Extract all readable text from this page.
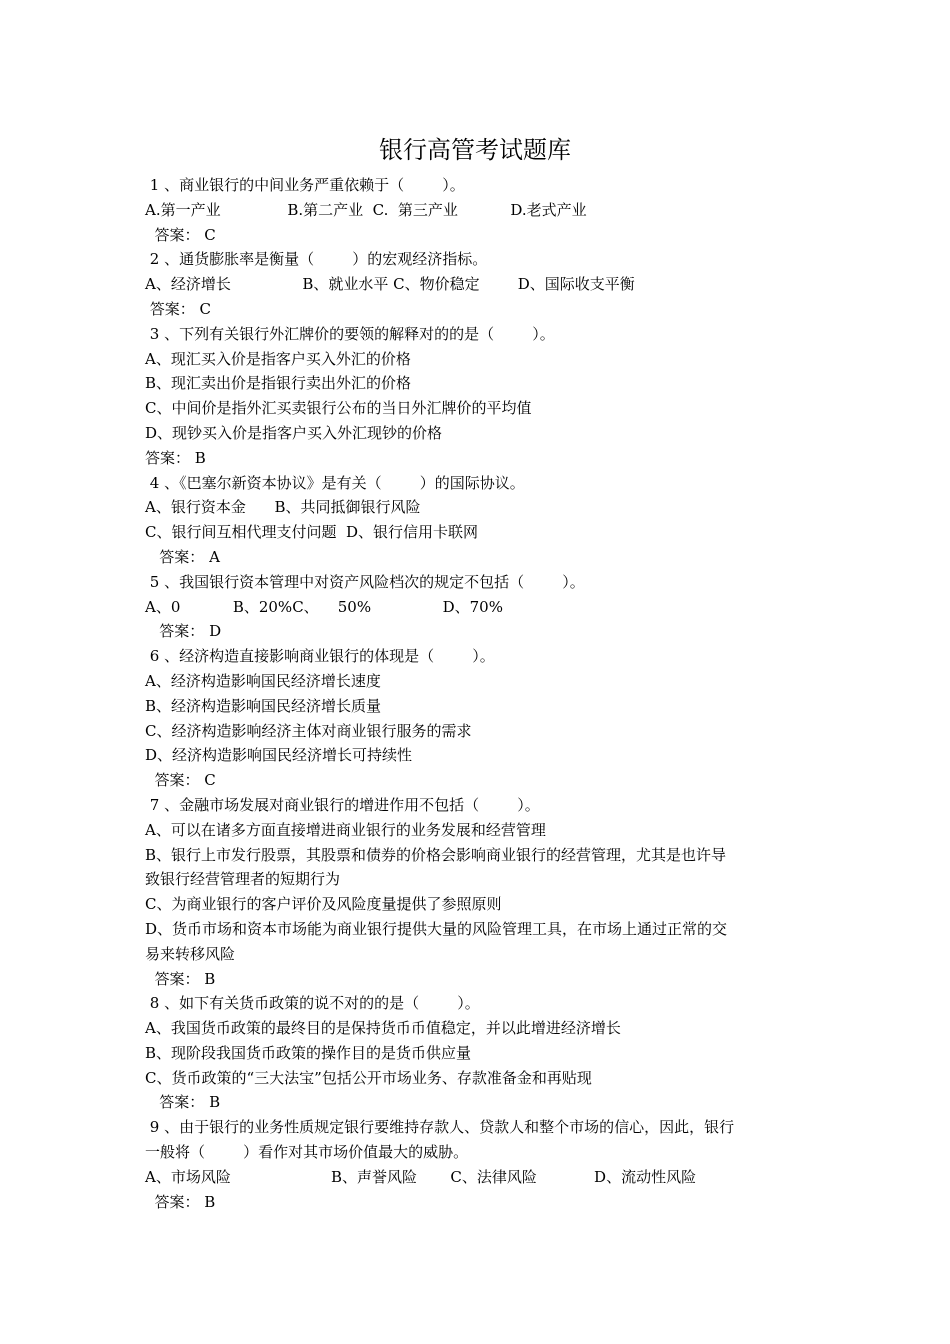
银行高管考试题库
1 、商业银行的中间业务严重依赖于（        ）。
A.第一产业              B.第二产业  C.  第三产业           D.老式产业
答案： C
2 、通货膨胀率是衡量（        ）的宏观经济指标。
A、经济增长               B、就业水平 C、物价稳定        D、国际收支平衡
答案： C
3 、下列有关银行外汇牌价的要领的解释对的的是（        ）。
A、现汇买入价是指客户买入外汇的价格
B、现汇卖出价是指银行卖出外汇的价格
C、中间价是指外汇买卖银行公布的当日外汇牌价的平均值
D、现钞买入价是指客户买入外汇现钞的价格
答案： B
4 、《巴塞尔新资本协议》是有关（        ）的国际协议。
A、银行资本金      B、共同抵御银行风险
C、银行间互相代理支付问题  D、银行信用卡联网
答案： A
5 、我国银行资本管理中对资产风险档次的规定不包括（        ）。
A、0           B、20%C、    50%               D、70%
答案： D
6 、经济构造直接影响商业银行的体现是（        ）。
A、经济构造影响国民经济增长速度
B、经济构造影响国民经济增长质量
C、经济构造影响经济主体对商业银行服务的需求
D、经济构造影响国民经济增长可持续性
答案： C
7 、金融市场发展对商业银行的增进作用不包括（        ）。
A、可以在诸多方面直接增进商业银行的业务发展和经营管理
B、银行上市发行股票，其股票和债券的价格会影响商业银行的经营管理，尤其是也许导
致银行经营管理者的短期行为
C、为商业银行的客户评价及风险度量提供了参照原则
D、货币市场和资本市场能为商业银行提供大量的风险管理工具，在市场上通过正常的交
易来转移风险
答案： B
8 、如下有关货币政策的说不对的的是（        ）。
A、我国货币政策的最终目的是保持货币币值稳定，并以此增进经济增长
B、现阶段我国货币政策的操作目的是货币供应量
C、货币政策的“三大法宝”包括公开市场业务、存款准备金和再贴现
答案： B
9 、由于银行的业务性质规定银行要维持存款人、贷款人和整个市场的信心，因此，银行
一般将（        ）看作对其市场价值最大的威胁。
A、市场风险                     B、声誉风险       C、法律风险            D、流动性风险
答案： B
